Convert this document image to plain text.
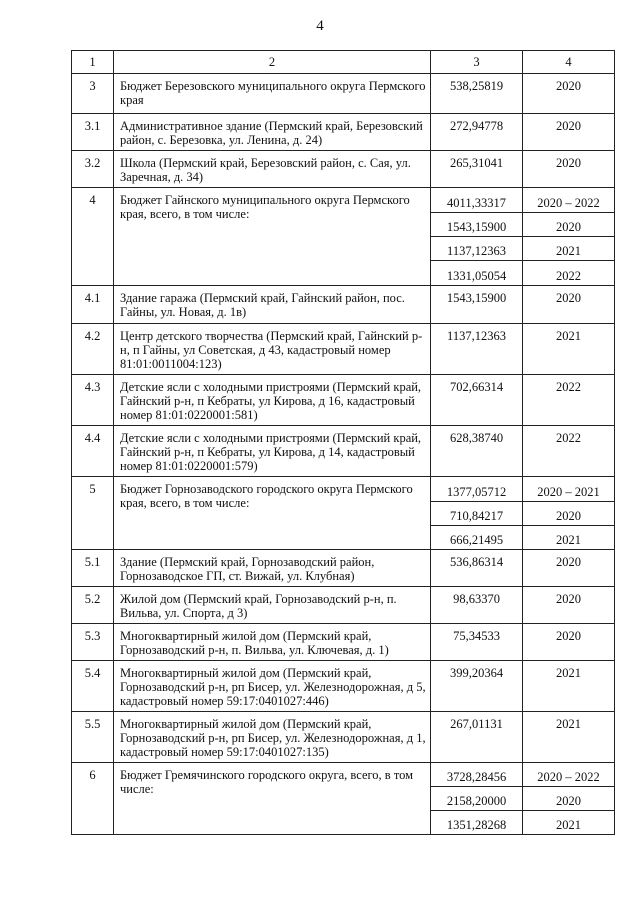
4
1	2	3	4
3	Бюджет Березовского муниципального округа Пермского края	538,25819	2020
3.1	Административное здание (Пермский край, Березовский район, с. Березовка, ул. Ленина, д. 24)	272,94778	2020
3.2	Школа (Пермский край, Березовский район, с. Сая, ул. Заречная, д. 34)	265,31041	2020
4	Бюджет Гайнского муниципального округа Пермского края, всего, в том числе:	4011,33317	2020 – 2022
		1543,15900	2020
		1137,12363	2021
		1331,05054	2022
4.1	Здание гаража (Пермский край, Гайнский район, пос. Гайны, ул. Новая, д. 1в)	1543,15900	2020
4.2	Центр детского творчества (Пермский край, Гайнский р-н, п Гайны, ул Советская, д 43, кадастровый номер 81:01:0011004:123)	1137,12363	2021
4.3	Детские ясли с холодными пристроями (Пермский край, Гайнский р-н, п Кебраты, ул Кирова, д 16, кадастровый номер 81:01:0220001:581)	702,66314	2022
4.4	Детские ясли с холодными пристроями (Пермский край, Гайнский р-н, п Кебраты, ул Кирова, д 14, кадастровый номер 81:01:0220001:579)	628,38740	2022
5	Бюджет Горнозаводского городского округа Пермского края, всего, в том числе:	1377,05712	2020 – 2021
		710,84217	2020
		666,21495	2021
5.1	Здание (Пермский край, Горнозаводский район, Горнозаводское ГП, ст. Вижай, ул. Клубная)	536,86314	2020
5.2	Жилой дом (Пермский край, Горнозаводский р-н, п. Вильва, ул. Спорта, д 3)	98,63370	2020
5.3	Многоквартирный жилой дом (Пермский край, Горнозаводский р-н, п. Вильва, ул. Ключевая, д. 1)	75,34533	2020
5.4	Многоквартирный жилой дом (Пермский край, Горнозаводский р-н, рп Бисер, ул. Железнодорожная, д 5, кадастровый номер 59:17:0401027:446)	399,20364	2021
5.5	Многоквартирный жилой дом (Пермский край, Горнозаводский р-н, рп Бисер, ул. Железнодорожная, д 1, кадастровый номер 59:17:0401027:135)	267,01131	2021
6	Бюджет Гремячинского городского округа, всего, в том числе:	3728,28456	2020 – 2022
		2158,20000	2020
		1351,28268	2021
